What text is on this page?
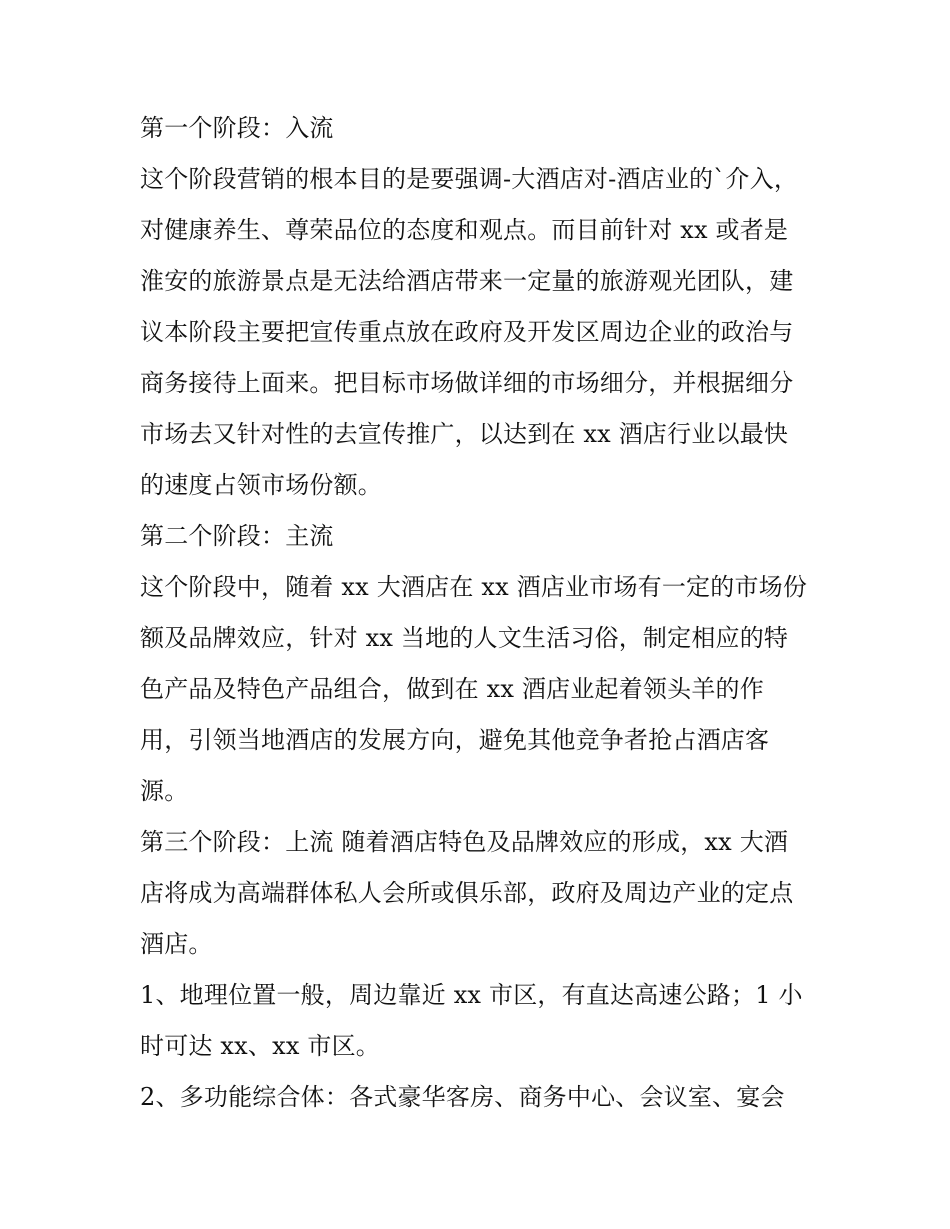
第一个阶段：入流
这个阶段营销的根本目的是要强调-大酒店对-酒店业的`介入，
对健康养生、尊荣品位的态度和观点。而目前针对 xx 或者是
淮安的旅游景点是无法给酒店带来一定量的旅游观光团队，建
议本阶段主要把宣传重点放在政府及开发区周边企业的政治与
商务接待上面来。把目标市场做详细的市场细分，并根据细分
市场去又针对性的去宣传推广，以达到在 xx 酒店行业以最快
的速度占领市场份额。
第二个阶段：主流
这个阶段中，随着 xx 大酒店在 xx 酒店业市场有一定的市场份
额及品牌效应，针对 xx 当地的人文生活习俗，制定相应的特
色产品及特色产品组合，做到在 xx 酒店业起着领头羊的作
用，引领当地酒店的发展方向，避免其他竞争者抢占酒店客
源。
第三个阶段：上流 随着酒店特色及品牌效应的形成，xx 大酒
店将成为高端群体私人会所或俱乐部，政府及周边产业的定点
酒店。
1、地理位置一般，周边靠近 xx 市区，有直达高速公路；1 小
时可达 xx、xx 市区。
2、多功能综合体：各式豪华客房、商务中心、会议室、宴会
